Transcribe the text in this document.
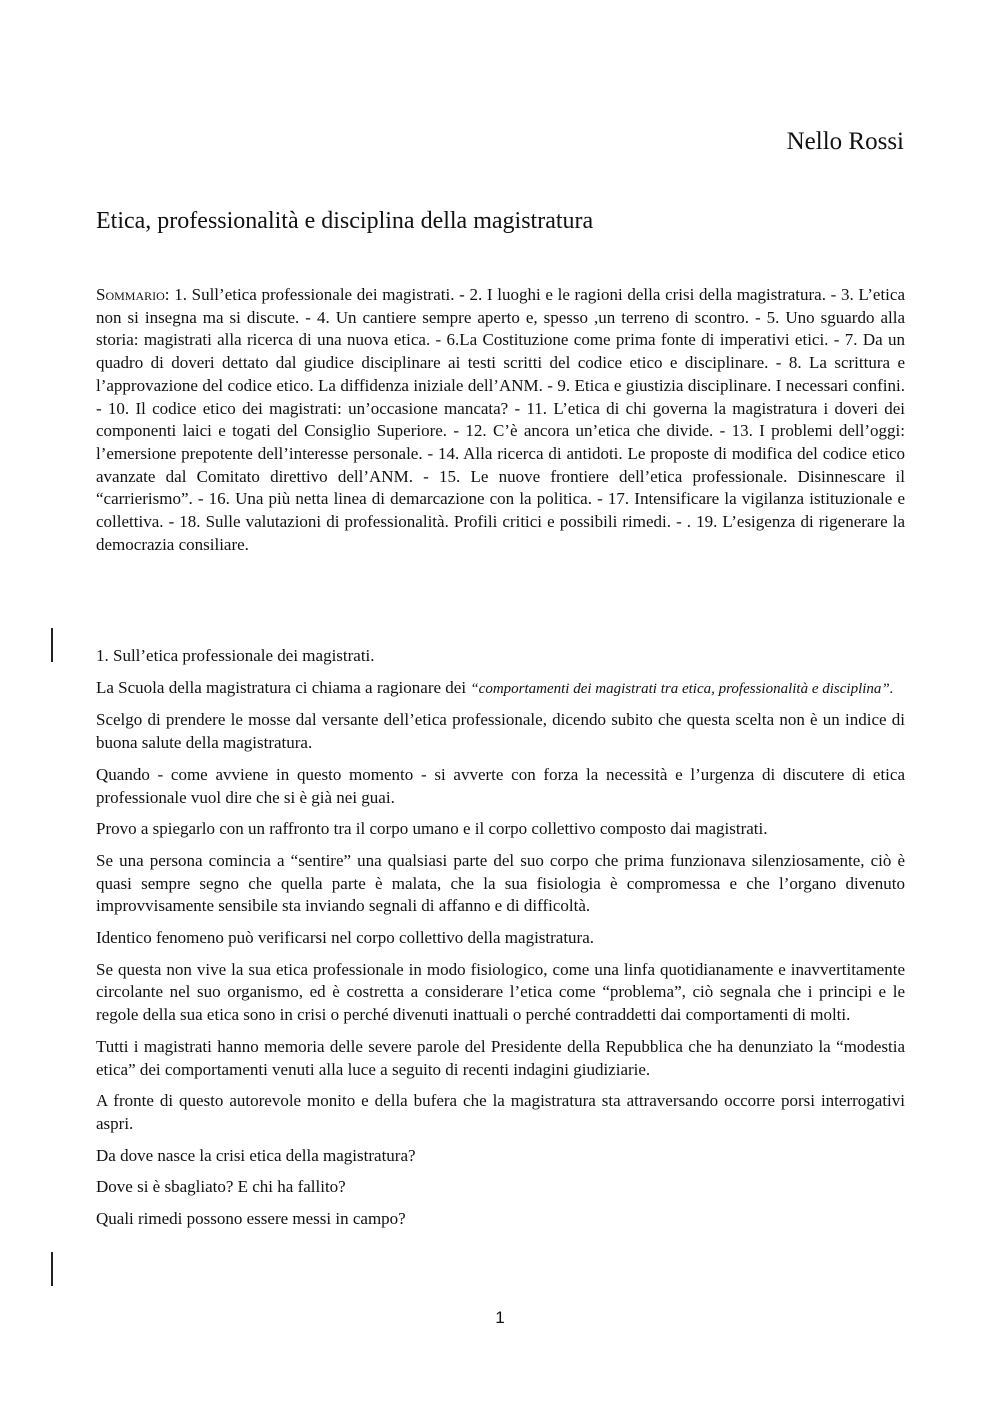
Nello Rossi
Etica, professionalità e disciplina della magistratura

Sommario: 1. Sull’etica professionale dei magistrati. - 2. I luoghi e le ragioni della crisi della magistratura. - 3. L’etica non si insegna ma si discute. - 4. Un cantiere sempre aperto e, spesso ,un terreno di scontro. - 5. Uno sguardo alla storia: magistrati alla ricerca di una nuova etica. - 6.La Costituzione come prima fonte di imperativi etici. - 7. Da un quadro di doveri dettato dal giudice disciplinare ai testi scritti del codice etico e disciplinare. - 8. La scrittura e l’approvazione del codice etico. La diffidenza iniziale dell’ANM. - 9. Etica e giustizia disciplinare. I necessari confini. - 10. Il codice etico dei magistrati: un’occasione mancata? - 11. L’etica di chi governa la magistratura i doveri dei componenti laici e togati del Consiglio Superiore. - 12. C’è ancora un’etica che divide. - 13. I problemi dell’oggi: l’emersione prepotente dell’interesse personale. - 14. Alla ricerca di antidoti. Le proposte di modifica del codice etico avanzate dal Comitato direttivo dell’ANM. - 15. Le nuove frontiere dell’etica professionale. Disinnescare il “carrierismo”. - 16. Una più netta linea di demarcazione con la politica. - 17. Intensificare la vigilanza istituzionale e collettiva. - 18. Sulle valutazioni di professionalità. Profili critici e possibili rimedi. - . 19. L’esigenza di rigenerare la democrazia consiliare.

1. Sull’etica professionale dei magistrati.

La Scuola della magistratura ci chiama a ragionare dei “comportamenti dei magistrati tra etica, professionalità e disciplina”.

Scelgo di prendere le mosse dal versante dell’etica professionale, dicendo subito che questa scelta non è un indice di buona salute della magistratura.

Quando - come avviene in questo momento - si avverte con forza la necessità e l’urgenza di discutere di etica professionale vuol dire che si è già nei guai.

Provo a spiegarlo con un raffronto tra il corpo umano e il corpo collettivo composto dai magistrati.

Se una persona comincia a “sentire” una qualsiasi parte del suo corpo che prima funzionava silenziosamente, ciò è quasi sempre segno che quella parte è malata, che la sua fisiologia è compromessa e che l’organo divenuto improvvisamente sensibile sta inviando segnali di affanno e di difficoltà.

Identico fenomeno può verificarsi nel corpo collettivo della magistratura.

Se questa non vive la sua etica professionale in modo fisiologico, come una linfa quotidianamente e inavvertitamente circolante nel suo organismo, ed è costretta a considerare l’etica come “problema”, ciò segnala che i principi e le regole della sua etica sono in crisi o perché divenuti inattuali o perché contraddetti dai comportamenti di molti.

Tutti i magistrati hanno memoria delle severe parole del Presidente della Repubblica che ha denunziato la “modestia etica” dei comportamenti venuti alla luce a seguito di recenti indagini giudiziarie.

A fronte di questo autorevole monito e della bufera che la magistratura sta attraversando occorre porsi interrogativi aspri.

Da dove nasce la crisi etica della magistratura?

Dove si è sbagliato? E chi ha fallito?

Quali rimedi possono essere messi in campo?

1
